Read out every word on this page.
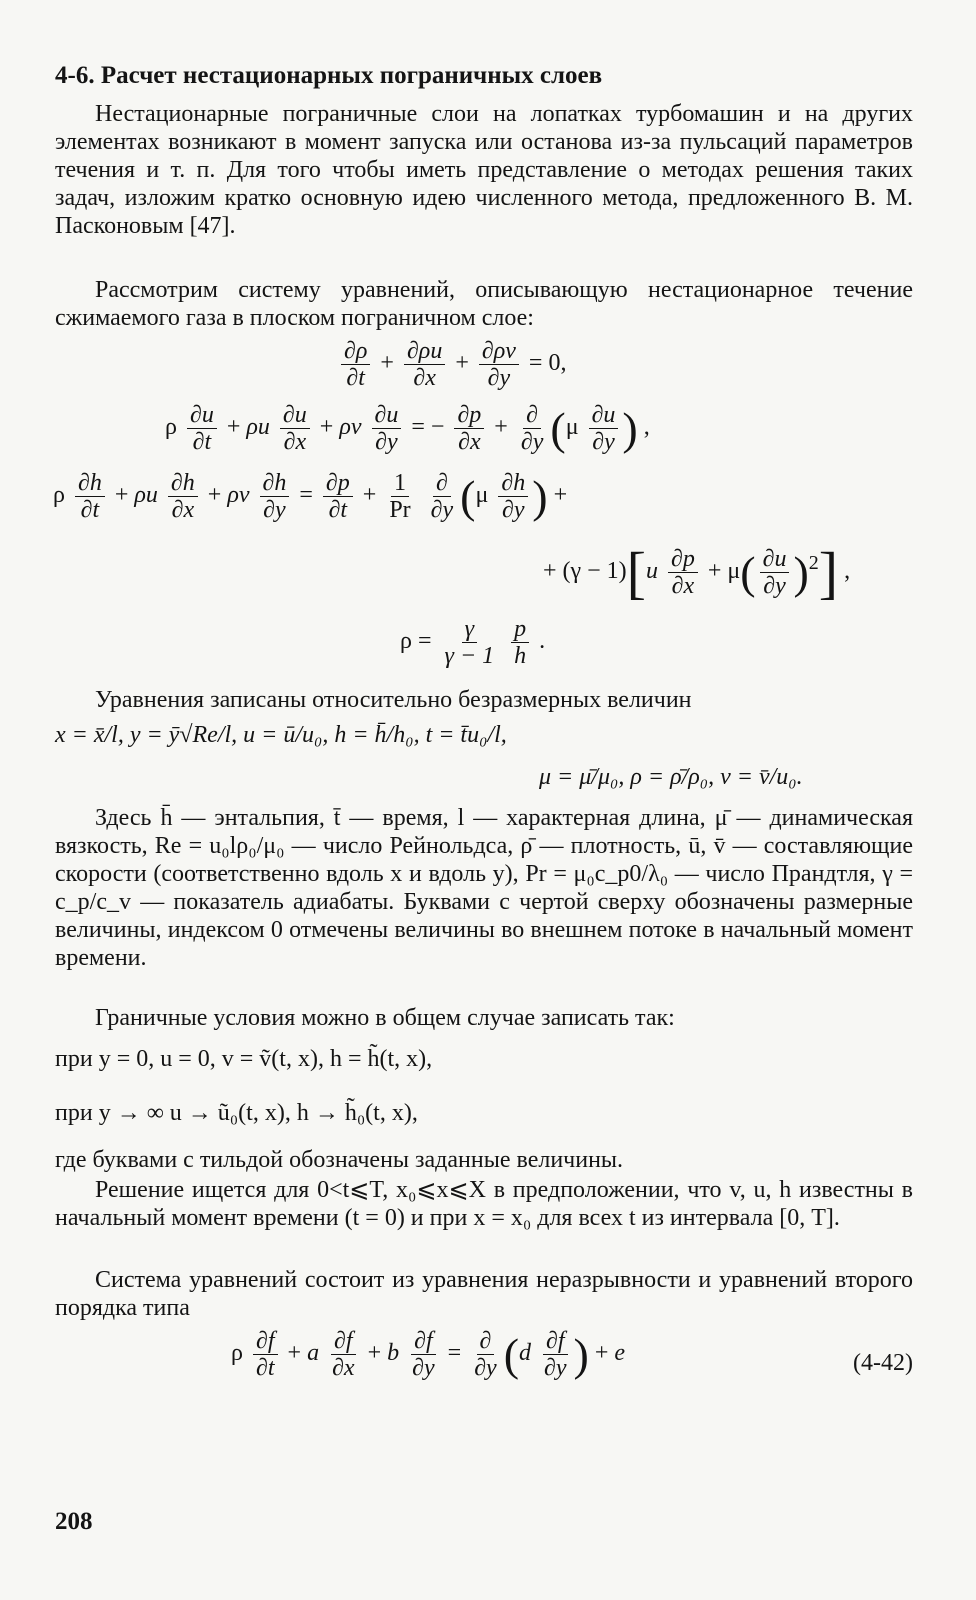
4-6. Расчет нестационарных пограничных слоев

Нестационарные пограничные слои на лопатках турбомашин и на других элементах возникают в момент запуска или останова из-за пульсаций параметров течения и т. п. Для того чтобы иметь представление о методах решения таких задач, изложим кратко основную идею численного метода, предложенного В. М. Пасконовым [47].

Рассмотрим систему уравнений, описывающую нестационарное течение сжимаемого газа в плоском пограничном слое:

$\frac{\partial\rho}{\partial t} + \frac{\partial\rho u}{\partial x} + \frac{\partial\rho v}{\partial y} = 0$,
ρ $\frac{\partial u}{\partial t} + \rho u \frac{\partial u}{\partial x} + \rho v \frac{\partial u}{\partial y}$ = − $\frac{\partial p}{\partial x} + \frac{\partial}{\partial y} (\mu \frac{\partial u}{\partial y}$ ) ,
ρ $\frac{\partial h}{\partial t} + \rho u \frac{\partial h}{\partial x} + \rho v \frac{\partial h}{\partial y} = \frac{\partial p}{\partial t} + \frac{1}{Pr}$
$\frac{\partial}{\partial y} (\mu \frac{\partial h}{\partial y}$ ) +
+ $(\gamma - 1)[u \frac{\partial p}{\partial x} + \mu( \frac{\partial u}{\partial y} )^2]$ ,
$\rho = \frac{\gamma}{\gamma - 1}$
$\frac{p}{h}$ .

Уравнения записаны относительно безразмерных величин

x = x̄/l, y = ȳ√Re/l, u = ū/u₀, h = h̄/h₀, t = t̄u₀/l,
μ = μ̄/μ₀, ρ = ρ̄/ρ₀, v = v̄/u₀.

Здесь h̄ — энтальпия, t̄ — время, l — характерная длина, μ̄ — динамическая вязкость, Re = u₀lρ₀/μ₀ — число Рейнольдса, ρ̄ — плотность, ū, v̄ — составляющие скорости (соответственно вдоль x и вдоль y), Pr = μ₀c_p0/λ₀ — число Прандтля, γ = c_p/c_v — показатель адиабаты. Буквами с чертой сверху обозначены размерные величины, индексом 0 отмечены величины во внешнем потоке в начальный момент времени.

Граничные условия можно в общем случае записать так:

при y = 0, u = 0, v = ṽ(t, x), h = h̃(t, x),
при y → ∞ u → ũ₀(t, x), h → h̃₀(t, x),

где буквами с тильдой обозначены заданные величины.

Решение ищется для 0<t⩽T, x₀⩽x⩽X в предположении, что v, u, h известны в начальный момент времени (t = 0) и при x = x₀ для всех t из интервала [0, T].

Система уравнений состоит из уравнения неразрывности и уравнений второго порядка типа

ρ $\frac{\partial f}{\partial t} + a \frac{\partial f}{\partial x} + b \frac{\partial f}{\partial y} = \frac{\partial}{\partial y} (d \frac{\partial f}{\partial y}$ ) + e	(4-42)
208
